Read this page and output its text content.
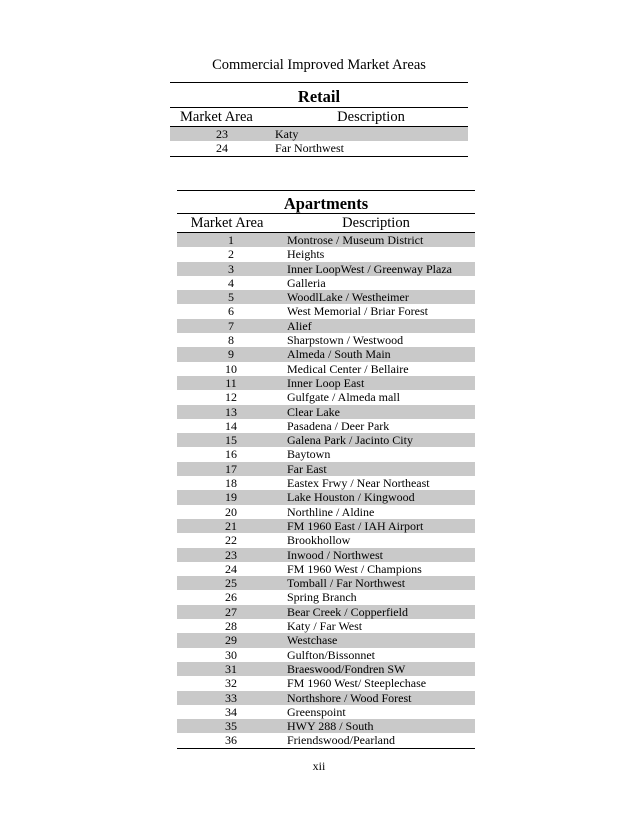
Commercial Improved Market Areas
Retail
Market Area	Description
23	Katy
24	Far Northwest
Apartments
Market Area	Description
1	Montrose / Museum District
2	Heights
3	Inner LoopWest / Greenway Plaza
4	Galleria
5	WoodlLake / Westheimer
6	West Memorial / Briar Forest
7	Alief
8	Sharpstown / Westwood
9	Almeda / South Main
10	Medical Center / Bellaire
11	Inner Loop East
12	Gulfgate / Almeda mall
13	Clear Lake
14	Pasadena / Deer Park
15	Galena Park / Jacinto City
16	Baytown
17	Far East
18	Eastex Frwy / Near Northeast
19	Lake Houston / Kingwood
20	Northline / Aldine
21	FM 1960 East / IAH Airport
22	Brookhollow
23	Inwood / Northwest
24	FM 1960 West / Champions
25	Tomball / Far Northwest
26	Spring Branch
27	Bear Creek / Copperfield
28	Katy / Far West
29	Westchase
30	Gulfton/Bissonnet
31	Braeswood/Fondren SW
32	FM 1960 West/ Steeplechase
33	Northshore / Wood Forest
34	Greenspoint
35	HWY 288 / South
36	Friendswood/Pearland
xii
